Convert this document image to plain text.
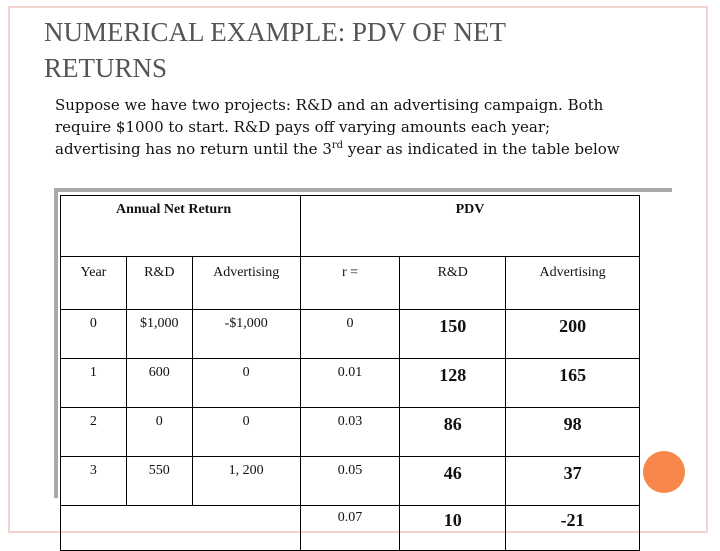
NUMERICAL EXAMPLE: PDV OF NET RETURNS
Suppose we have two projects: R&D and an advertising campaign. Both require $1000 to start. R&D pays off varying amounts each year; advertising has no return until the 3rd year as indicated in the table below
Annual Net Return			PDV		
Year	R&D	Advertising	r =	R&D	Advertising
0	$1,000	-$1,000	0	150	200
1	600	0	0.01	128	165
2	0	0	0.03	86	98
3	550	1, 200	0.05	46	37
			0.07	10	-21
